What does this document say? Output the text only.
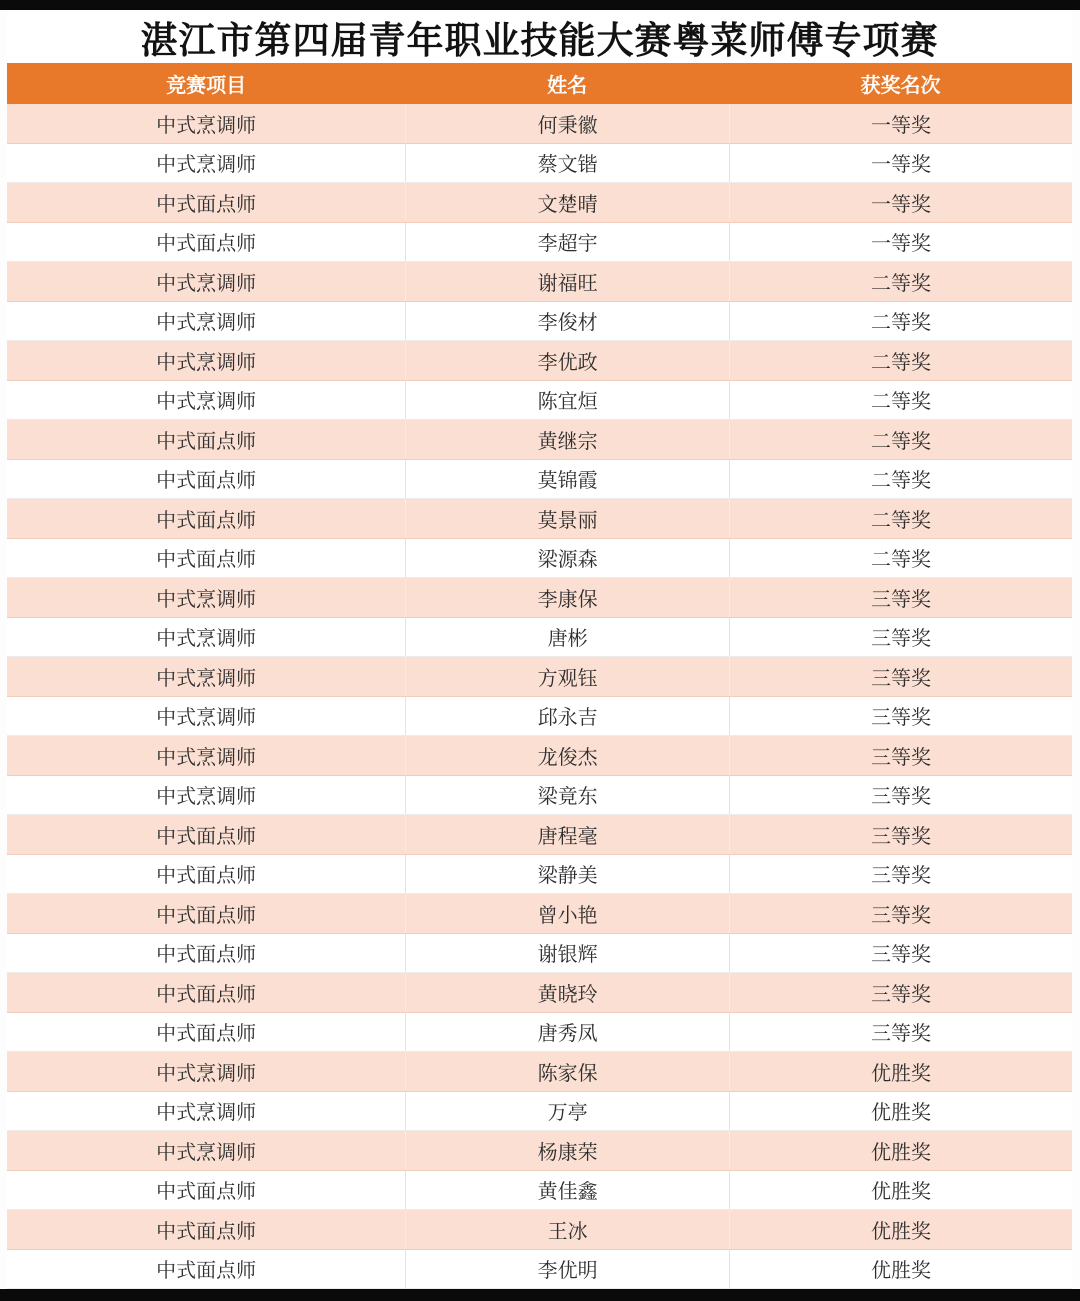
湛江市第四届青年职业技能大赛粤菜师傅专项赛
竞赛项目	姓名	获奖名次
中式烹调师	何秉徽	一等奖
中式烹调师	蔡文锴	一等奖
中式面点师	文楚晴	一等奖
中式面点师	李超宇	一等奖
中式烹调师	谢福旺	二等奖
中式烹调师	李俊材	二等奖
中式烹调师	李优政	二等奖
中式烹调师	陈宜烜	二等奖
中式面点师	黄继宗	二等奖
中式面点师	莫锦霞	二等奖
中式面点师	莫景丽	二等奖
中式面点师	梁源森	二等奖
中式烹调师	李康保	三等奖
中式烹调师	唐彬	三等奖
中式烹调师	方观钰	三等奖
中式烹调师	邱永吉	三等奖
中式烹调师	龙俊杰	三等奖
中式烹调师	梁竟东	三等奖
中式面点师	唐程毫	三等奖
中式面点师	梁静美	三等奖
中式面点师	曾小艳	三等奖
中式面点师	谢银辉	三等奖
中式面点师	黄晓玲	三等奖
中式面点师	唐秀凤	三等奖
中式烹调师	陈家保	优胜奖
中式烹调师	万亭	优胜奖
中式烹调师	杨康荣	优胜奖
中式面点师	黄佳鑫	优胜奖
中式面点师	王冰	优胜奖
中式面点师	李优明	优胜奖
